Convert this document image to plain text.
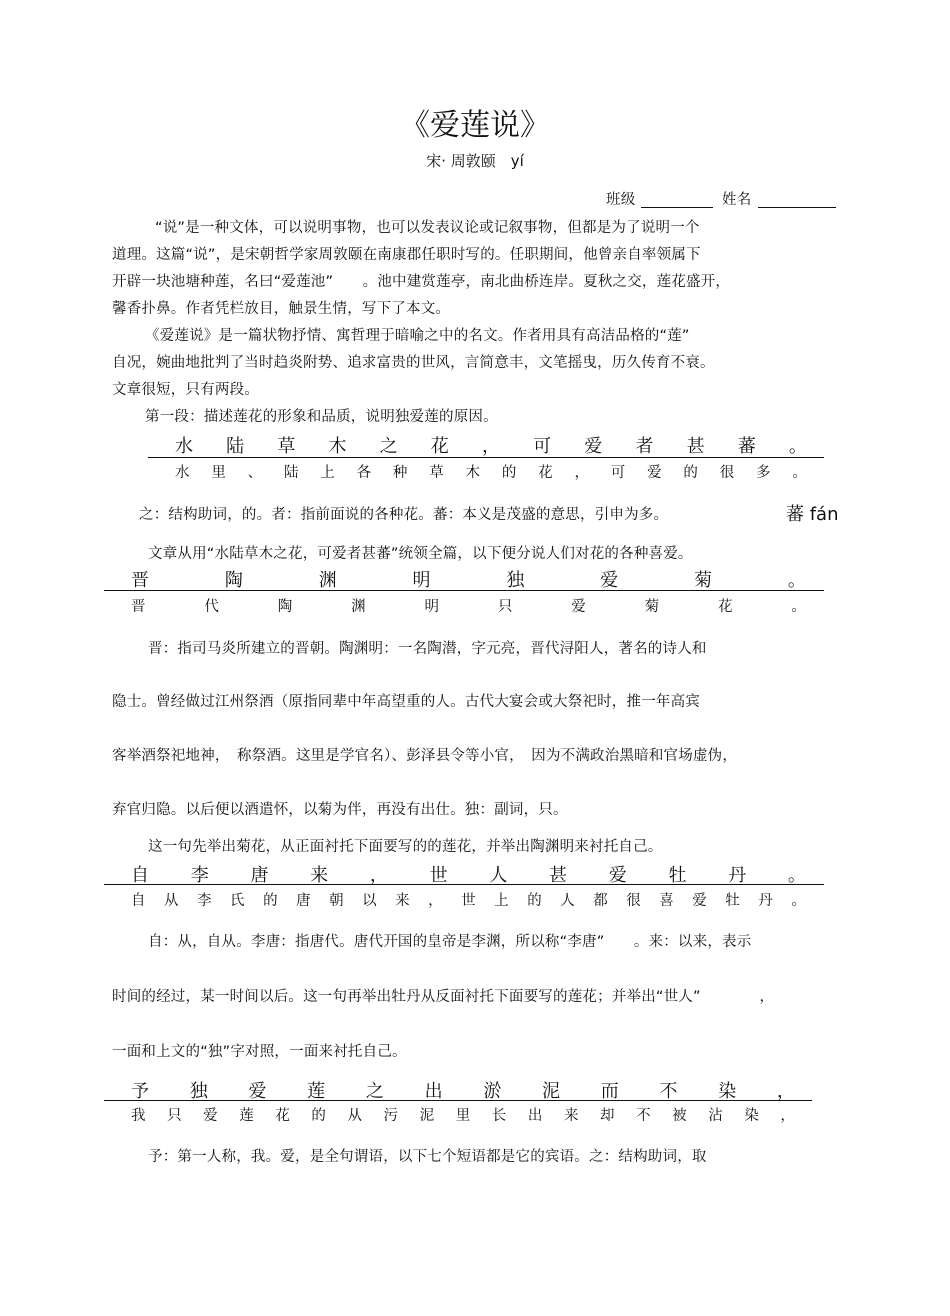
《爱莲说》
宋· 周敦颐　yí
班级	姓名
“说”是一种文体，可以说明事物，也可以发表议论或记叙事物，但都是为了说明一个
道理。这篇“说”，是宋朝哲学家周敦颐在南康郡任职时写的。任职期间，他曾亲自率领属下
开辟一块池塘种莲，名曰“爱莲池”　　。池中建赏莲亭，南北曲桥连岸。夏秋之交，莲花盛开，
馨香扑鼻。作者凭栏放目，触景生情，写下了本文。
《爱莲说》是一篇状物抒情、寓哲理于暗喻之中的名文。作者用具有高洁品格的“莲”
自况，婉曲地批判了当时趋炎附势、追求富贵的世风，言简意丰，文笔摇曳，历久传育不衰。
文章很短，只有两段。
第一段：描述莲花的形象和品质，说明独爱莲的原因。
水 陆 草 木 之 花 ， 可 爱 者 甚 蕃 。
水 里 、 陆 上 各 种 草 木 的 花 ， 可 爱 的 很 多 。
之：结构助词，的。者：指前面说的各种花。蕃：本义是茂盛的意思，引申为多。	蕃 fán
文章从用“水陆草木之花，可爱者甚蕃”统领全篇，以下便分说人们对花的各种喜爱。
晋	陶	渊	明	独	爱	菊	。
晋	代	陶	渊	明	只	爱	菊	花	。
晋：指司马炎所建立的晋朝。陶渊明：一名陶潜，字元亮，晋代浔阳人，著名的诗人和
隐士。曾经做过江州祭酒（原指同辈中年高望重的人。古代大宴会或大祭祀时，推一年高宾
客举酒祭祀地神，　称祭酒。这里是学官名）、彭泽县令等小官，　因为不满政治黑暗和官场虚伪，
弃官归隐。以后便以酒遣怀，以菊为伴，再没有出仕。独：副词，只。
这一句先举出菊花，从正面衬托下面要写的的莲花，并举出陶渊明来衬托自己。
自 李 唐 来 ， 世 人 甚 爱 牡 丹 。
自 从 李 氏 的 唐 朝 以 来 ， 世 上 的 人 都 很 喜 爱 牡 丹 。
自：从，自从。李唐：指唐代。唐代开国的皇帝是李渊，所以称“李唐”　　。来：以来，表示
时间的经过，某一时间以后。这一句再举出牡丹从反面衬托下面要写的莲花；并举出“世人”　　　　，
一面和上文的“独”字对照，一面来衬托自己。
予 独 爱 莲 之 出 淤 泥 而 不 染 ，
我 只 爱 莲 花 的 从 污 泥 里 长 出 来 却 不 被 沾 染 ，
予：第一人称，我。爱，是全句谓语，以下七个短语都是它的宾语。之：结构助词，取
